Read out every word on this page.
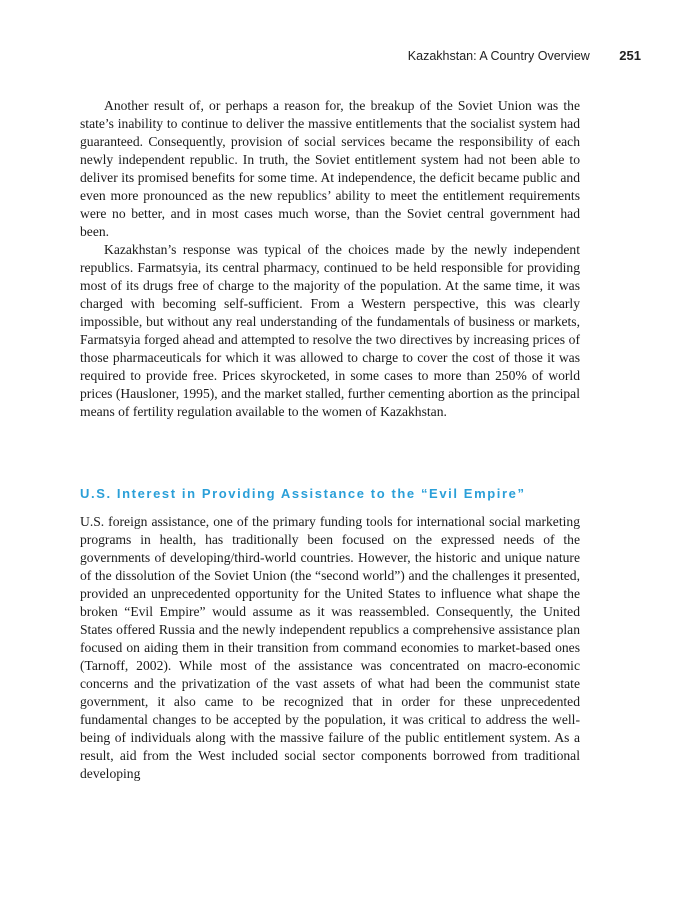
Kazakhstan: A Country Overview 251

Another result of, or perhaps a reason for, the breakup of the Soviet Union was the state’s inability to continue to deliver the massive entitlements that the socialist system had guaranteed. Consequently, provision of social services became the responsibility of each newly independent republic. In truth, the Soviet entitlement system had not been able to deliver its promised benefits for some time. At independence, the deficit became public and even more pronounced as the new republics’ ability to meet the entitlement requirements were no better, and in most cases much worse, than the Soviet central government had been.

Kazakhstan’s response was typical of the choices made by the newly independent republics. Farmatsyia, its central pharmacy, continued to be held responsible for providing most of its drugs free of charge to the majority of the population. At the same time, it was charged with becoming self-sufficient. From a Western perspective, this was clearly impossible, but without any real understanding of the fundamentals of business or markets, Farmatsyia forged ahead and attempted to resolve the two directives by increasing prices of those pharmaceuticals for which it was allowed to charge to cover the cost of those it was required to provide free. Prices skyrocketed, in some cases to more than 250% of world prices (Hausloner, 1995), and the market stalled, further cementing abortion as the principal means of fertility regulation available to the women of Kazakhstan.

U.S. Interest in Providing Assistance to the “Evil Empire”

U.S. foreign assistance, one of the primary funding tools for international social marketing programs in health, has traditionally been focused on the expressed needs of the governments of developing/third-world countries. However, the historic and unique nature of the dissolution of the Soviet Union (the “second world”) and the challenges it presented, provided an unprecedented opportunity for the United States to influence what shape the broken “Evil Empire” would assume as it was reassembled. Consequently, the United States offered Russia and the newly independent republics a comprehensive assistance plan focused on aiding them in their transition from command economies to market-based ones (Tarnoff, 2002). While most of the assistance was concentrated on macro-economic concerns and the privatization of the vast assets of what had been the communist state government, it also came to be recognized that in order for these unprecedented fundamental changes to be accepted by the population, it was critical to address the well-being of individuals along with the massive failure of the public entitlement system. As a result, aid from the West included social sector components borrowed from traditional developing
